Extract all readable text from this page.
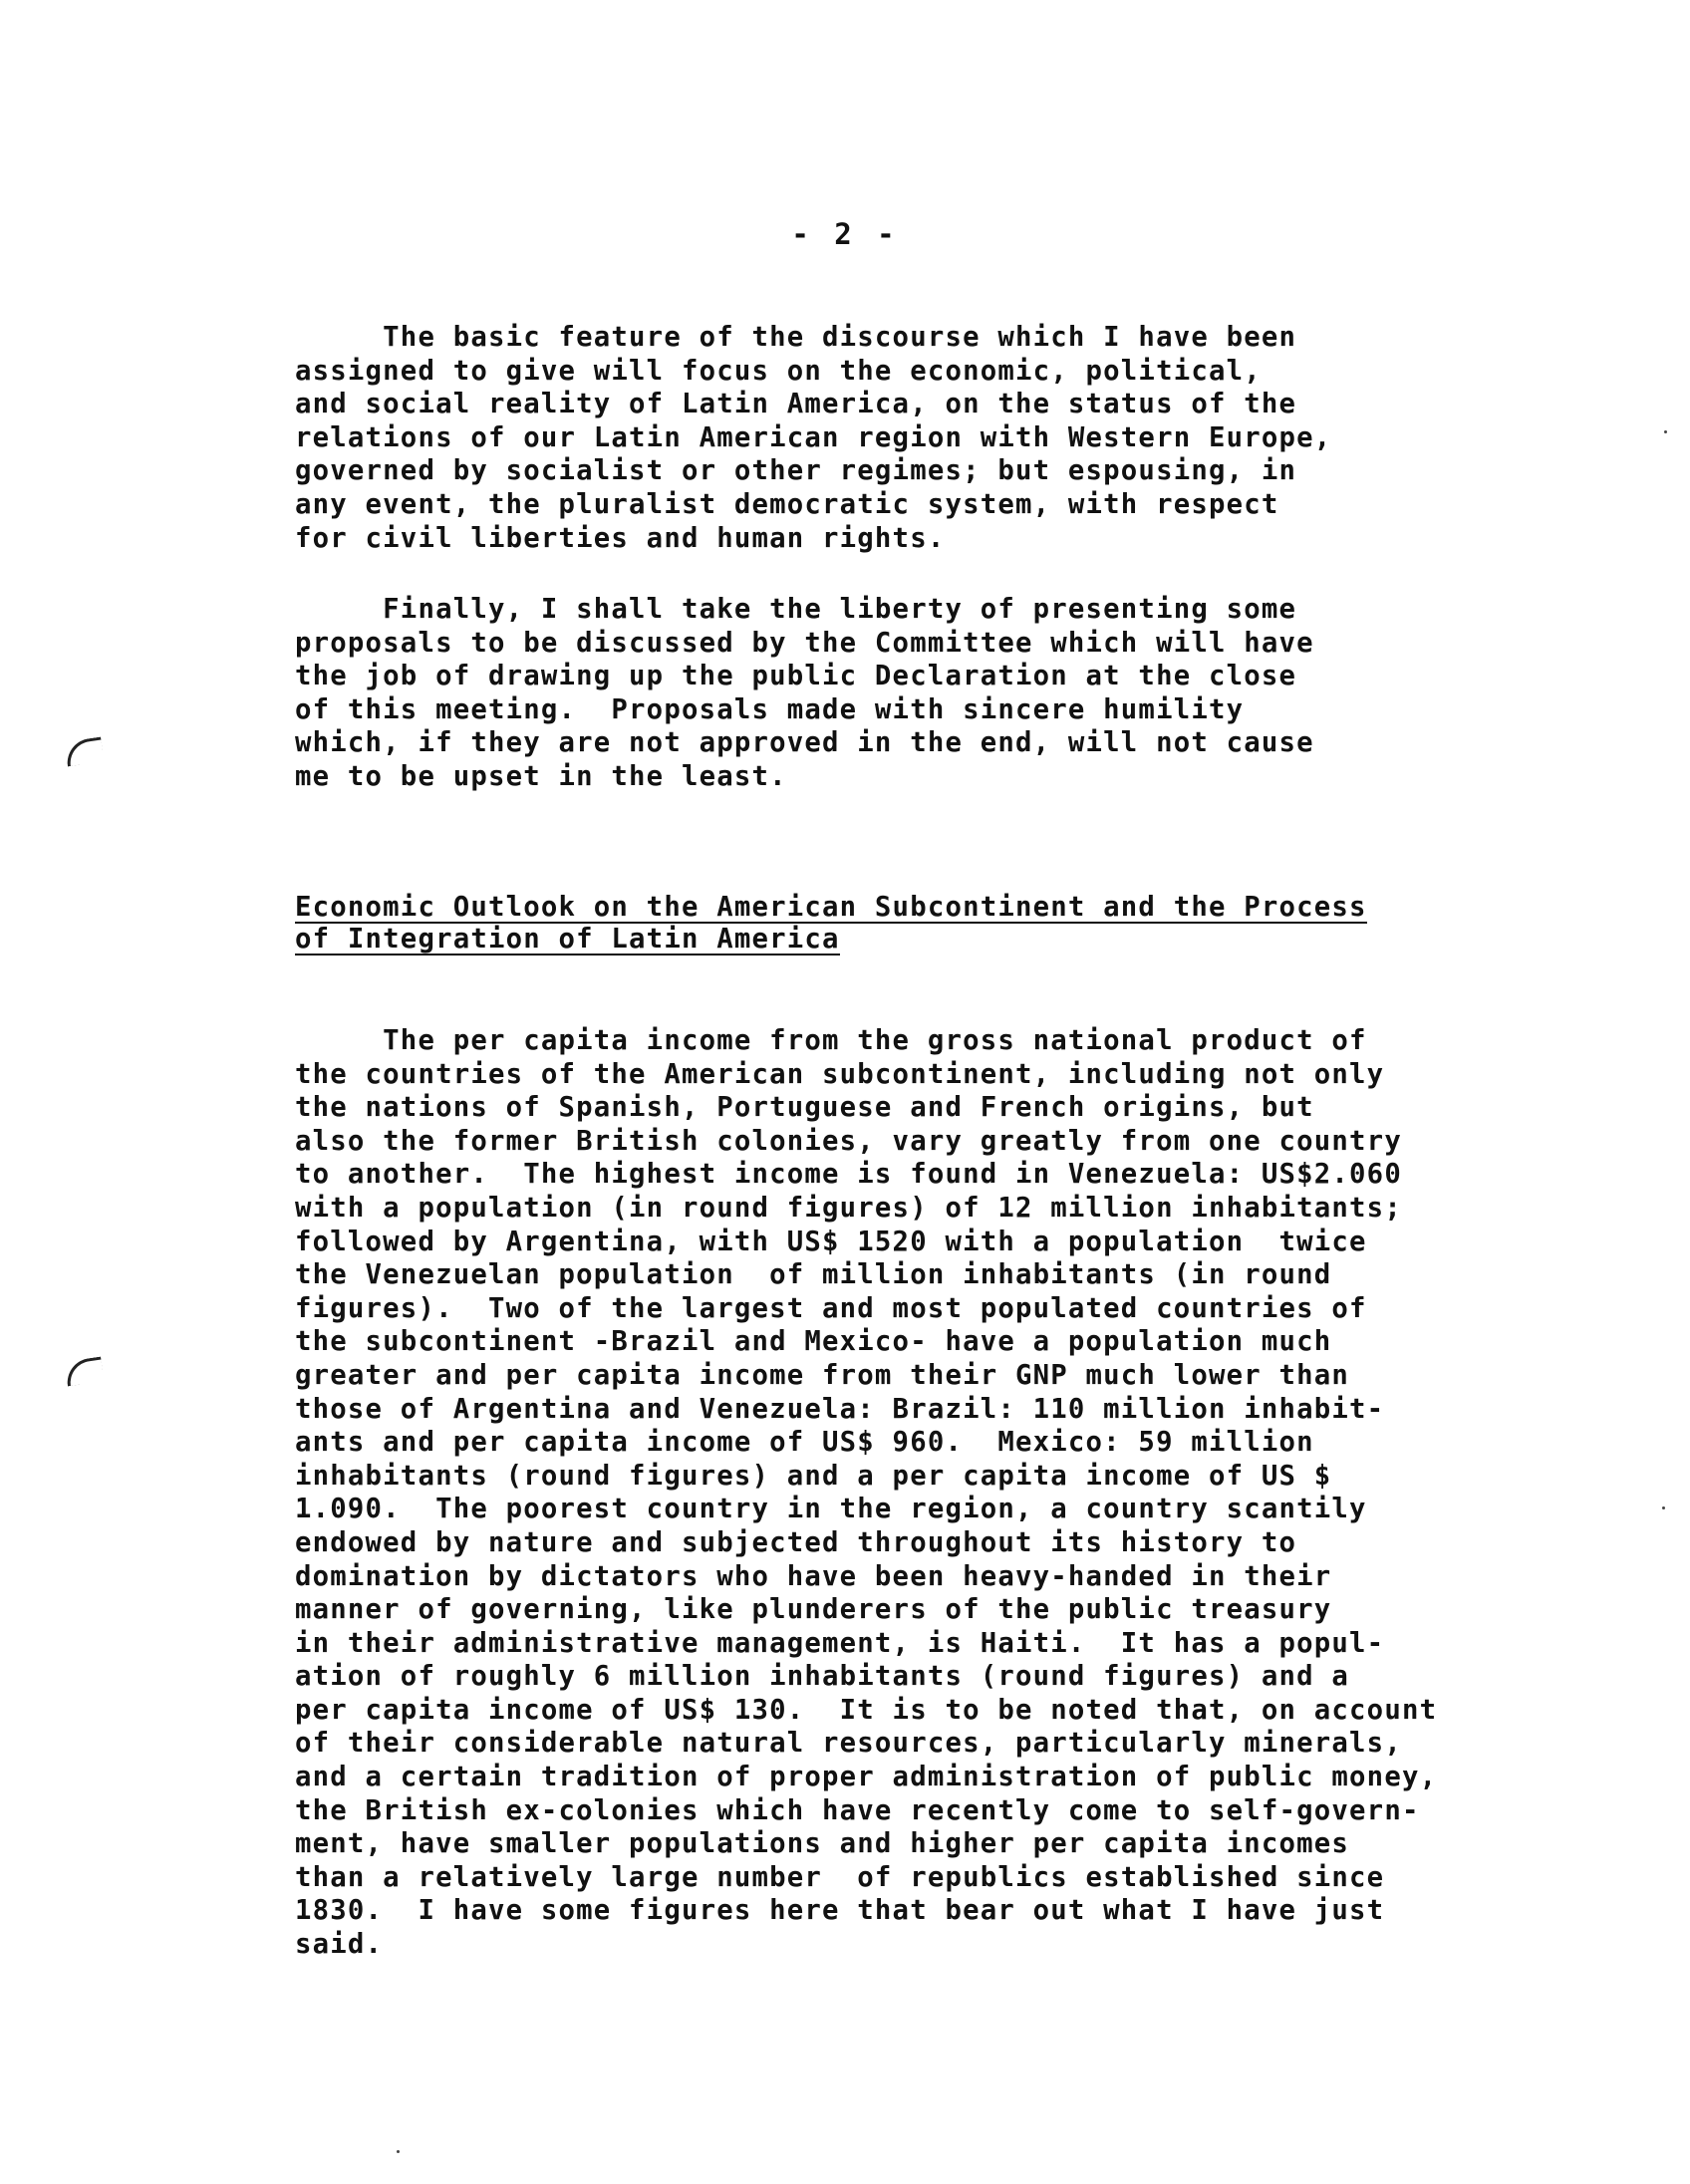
- 2 -
The basic feature of the discourse which I have been
assigned to give will focus on the economic, political,
and social reality of Latin America, on the status of the
relations of our Latin American region with Western Europe,
governed by socialist or other regimes; but espousing, in
any event, the pluralist democratic system, with respect
for civil liberties and human rights.
Finally, I shall take the liberty of presenting some
proposals to be discussed by the Committee which will have
the job of drawing up the public Declaration at the close
of this meeting.  Proposals made with sincere humility
which, if they are not approved in the end, will not cause
me to be upset in the least.
Economic Outlook on the American Subcontinent and the Process
of Integration of Latin America
The per capita income from the gross national product of
the countries of the American subcontinent, including not only
the nations of Spanish, Portuguese and French origins, but
also the former British colonies, vary greatly from one country
to another.  The highest income is found in Venezuela: US$2.060
with a population (in round figures) of 12 million inhabitants;
followed by Argentina, with US$ 1520 with a population  twice
the Venezuelan population  of million inhabitants (in round
figures).  Two of the largest and most populated countries of
the subcontinent -Brazil and Mexico- have a population much
greater and per capita income from their GNP much lower than
those of Argentina and Venezuela: Brazil: 110 million inhabit-
ants and per capita income of US$ 960.  Mexico: 59 million
inhabitants (round figures) and a per capita income of US $
1.090.  The poorest country in the region, a country scantily
endowed by nature and subjected throughout its history to
domination by dictators who have been heavy-handed in their
manner of governing, like plunderers of the public treasury
in their administrative management, is Haiti.  It has a popul-
ation of roughly 6 million inhabitants (round figures) and a
per capita income of US$ 130.  It is to be noted that, on account
of their considerable natural resources, particularly minerals,
and a certain tradition of proper administration of public money,
the British ex-colonies which have recently come to self-govern-
ment, have smaller populations and higher per capita incomes
than a relatively large number  of republics established since
1830.  I have some figures here that bear out what I have just
said.
